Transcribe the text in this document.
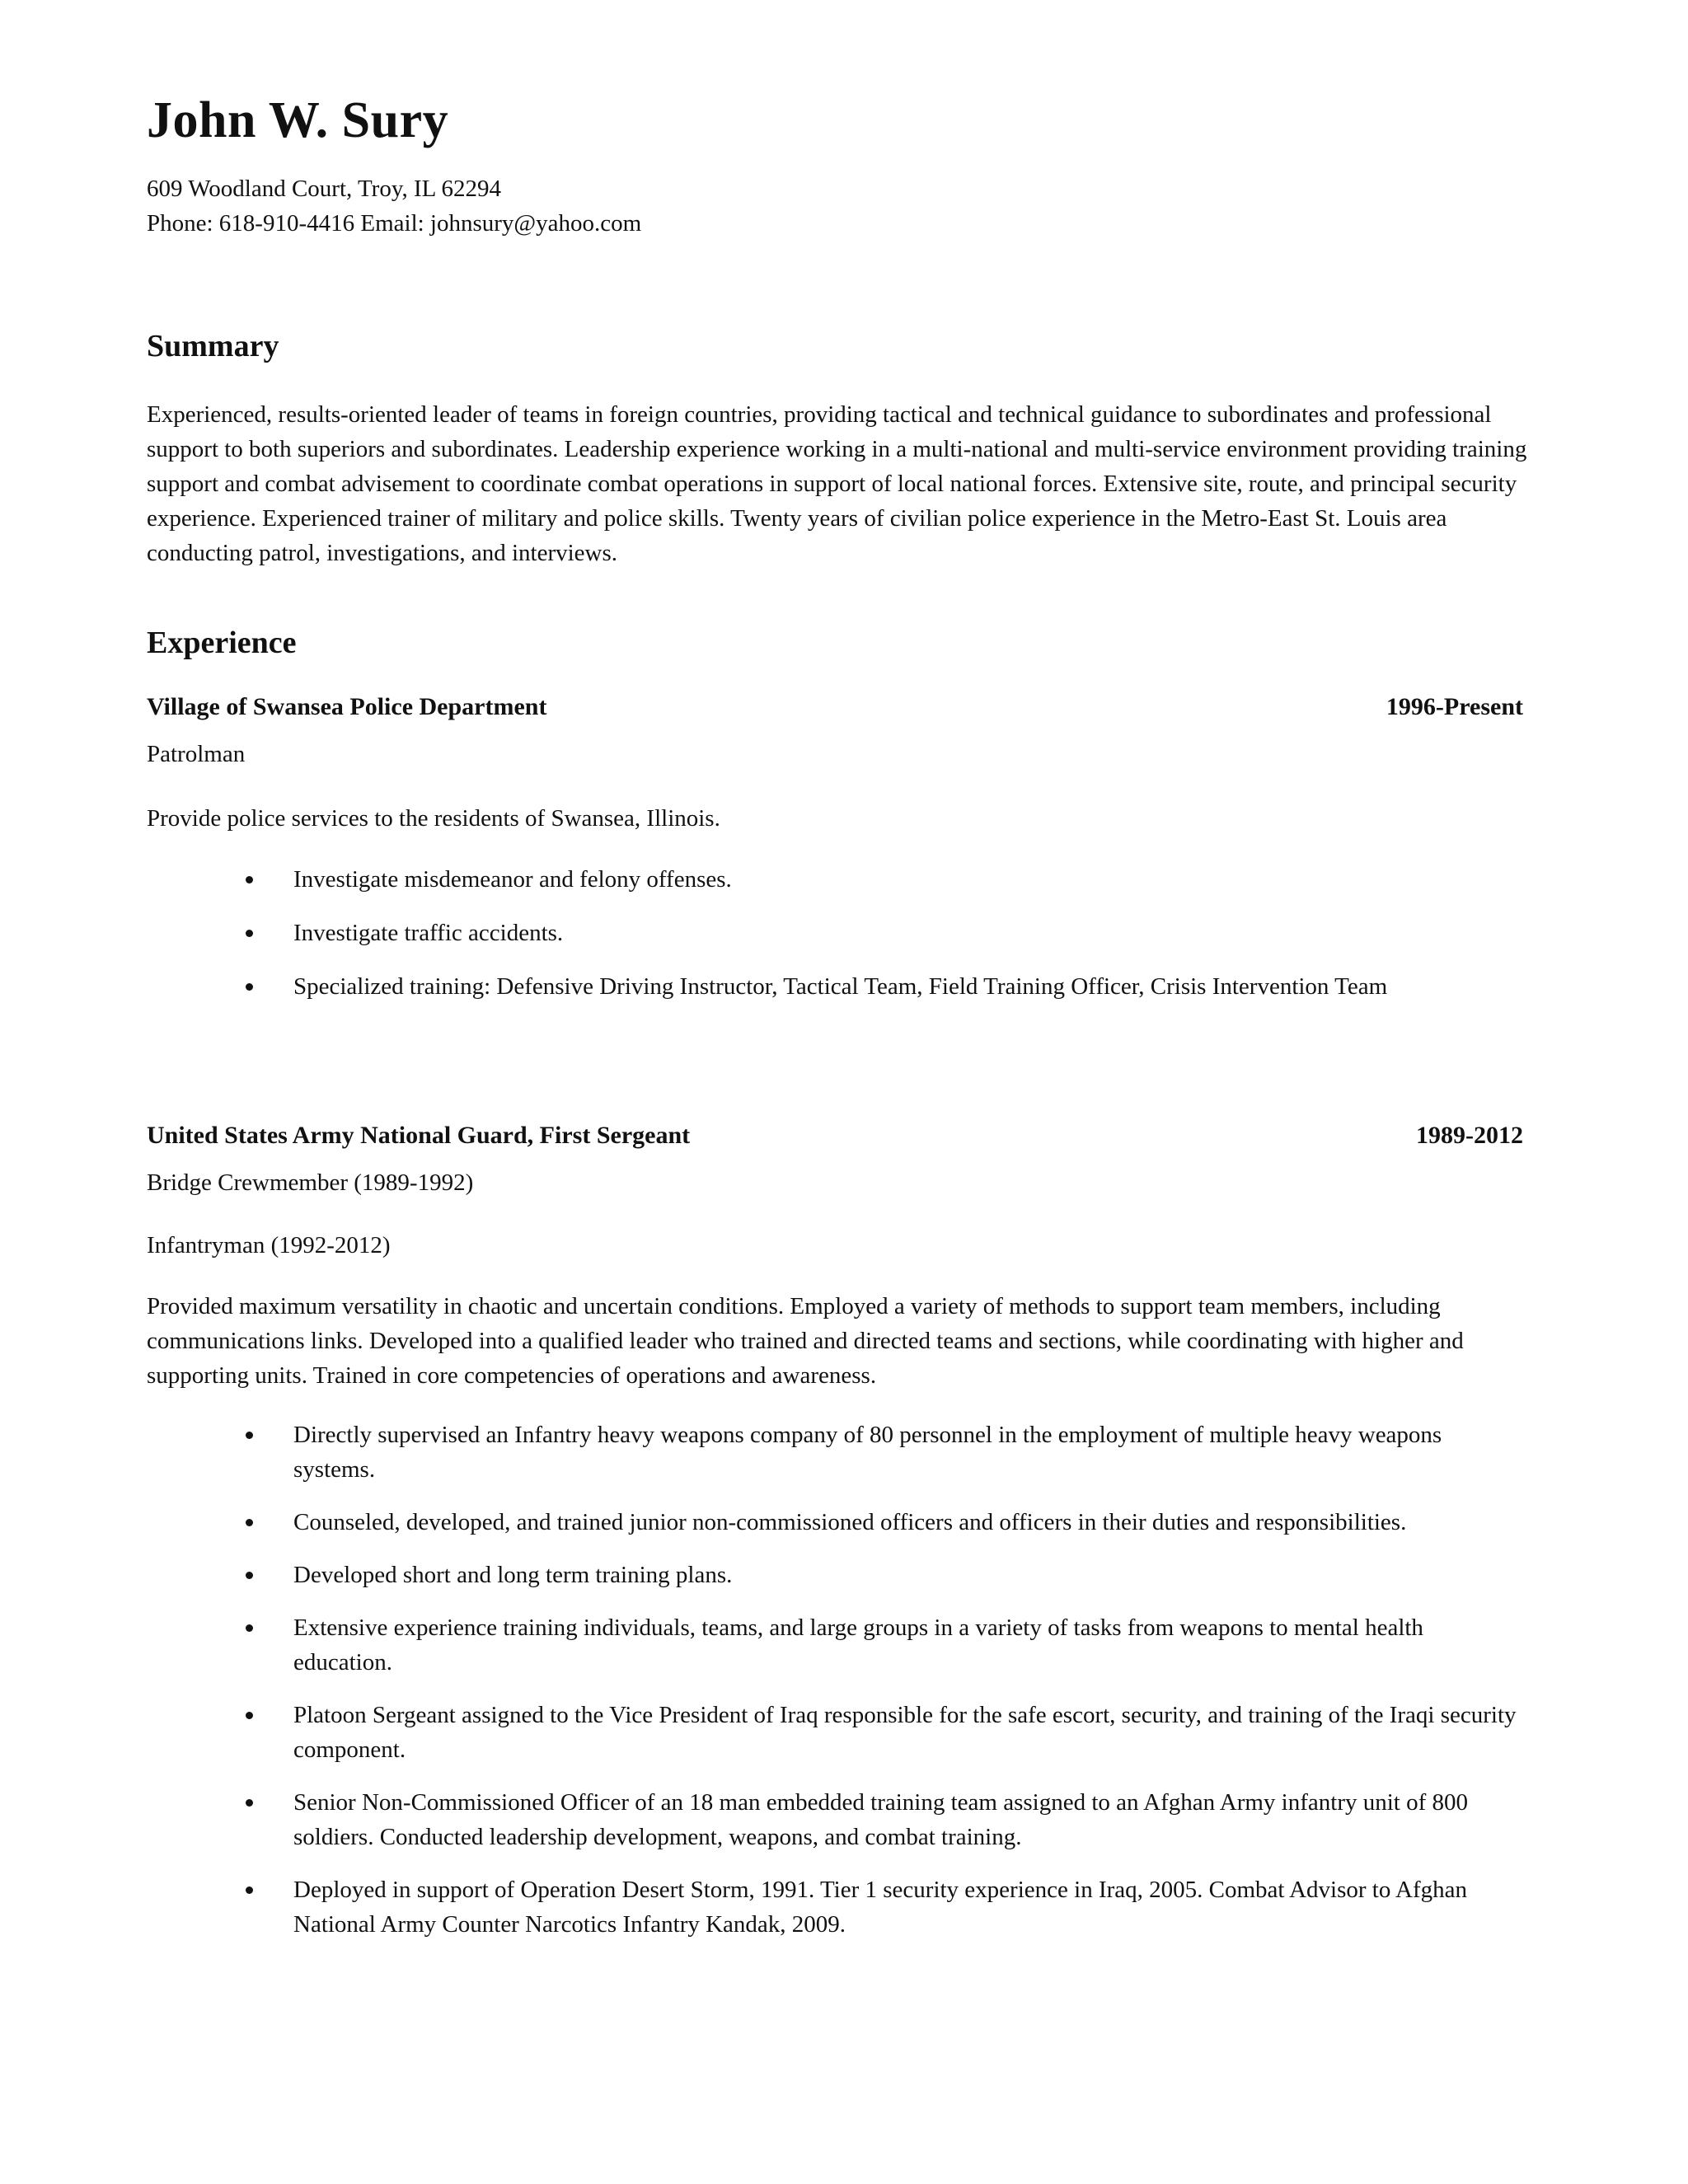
John W. Sury
609 Woodland Court, Troy, IL 62294
Phone: 618-910-4416 Email: johnsury@yahoo.com
Summary

Experienced, results-oriented leader of teams in foreign countries, providing tactical and technical guidance to subordinates and professional support to both superiors and subordinates. Leadership experience working in a multi-national and multi-service environment providing training support and combat advisement to coordinate combat operations in support of local national forces. Extensive site, route, and principal security experience. Experienced trainer of military and police skills. Twenty years of civilian police experience in the Metro-East St. Louis area conducting patrol, investigations, and interviews.

Experience
Village of Swansea Police Department	1996-Present
Patrolman

Provide police services to the residents of Swansea, Illinois.

Investigate misdemeanor and felony offenses.
Investigate traffic accidents.
Specialized training: Defensive Driving Instructor, Tactical Team, Field Training Officer, Crisis Intervention Team
United States Army National Guard, First Sergeant	1989-2012
Bridge Crewmember (1989-1992)
Infantryman (1992-2012)

Provided maximum versatility in chaotic and uncertain conditions. Employed a variety of methods to support team members, including communications links. Developed into a qualified leader who trained and directed teams and sections, while coordinating with higher and supporting units. Trained in core competencies of operations and awareness.

Directly supervised an Infantry heavy weapons company of 80 personnel in the employment of multiple heavy weapons systems.
Counseled, developed, and trained junior non-commissioned officers and officers in their duties and responsibilities.
Developed short and long term training plans.
Extensive experience training individuals, teams, and large groups in a variety of tasks from weapons to mental health education.
Platoon Sergeant assigned to the Vice President of Iraq responsible for the safe escort, security, and training of the Iraqi security component.
Senior Non-Commissioned Officer of an 18 man embedded training team assigned to an Afghan Army infantry unit of 800 soldiers. Conducted leadership development, weapons, and combat training.
Deployed in support of Operation Desert Storm, 1991. Tier 1 security experience in Iraq, 2005. Combat Advisor to Afghan National Army Counter Narcotics Infantry Kandak, 2009.
